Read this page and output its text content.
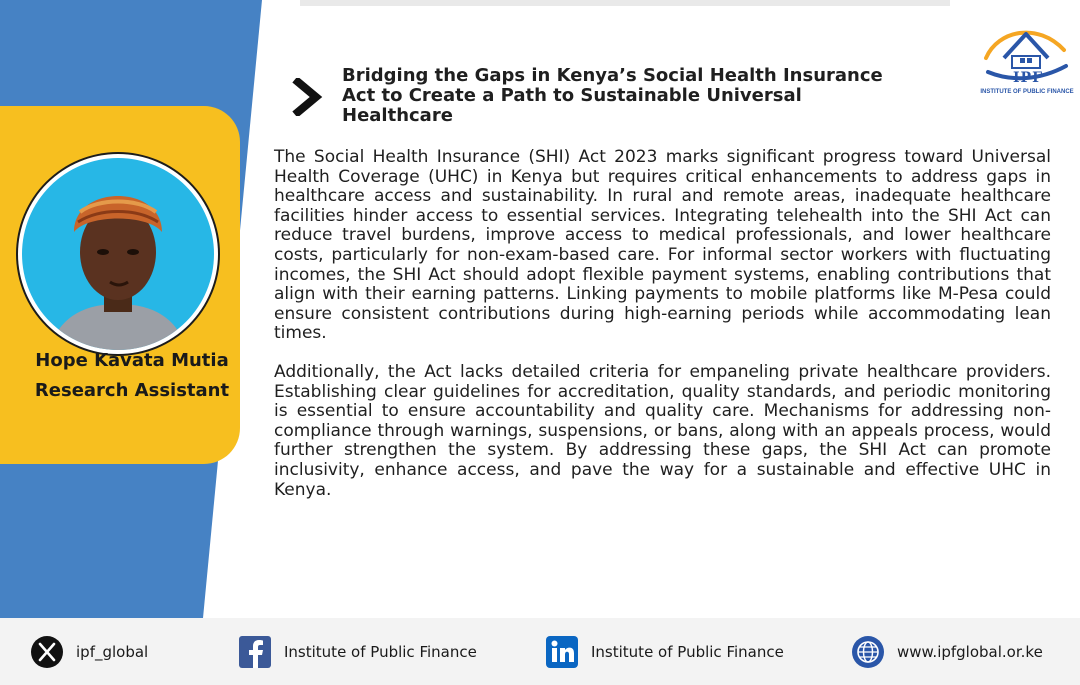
Hope Kavata Mutia
Research Assistant
IPF
INSTITUTE OF PUBLIC FINANCE
Bridging the Gaps in Kenya’s Social Health Insurance
Act to Create a Path to Sustainable Universal
Healthcare

The Social Health Insurance (SHI) Act 2023 marks significant progress toward Universal Health Coverage (UHC) in Kenya but requires critical enhancements to address gaps in healthcare access and sustainability. In rural and remote areas, inadequate healthcare facilities hinder access to essential services. Integrating telehealth into the SHI Act can reduce travel burdens, improve access to medical professionals, and lower healthcare costs, particularly for non-exam-based care. For informal sector workers with fluctuating incomes, the SHI Act should adopt flexible payment systems, enabling contributions that align with their earning patterns. Linking payments to mobile platforms like M-Pesa could ensure consistent contributions during high-earning periods while accommodating lean times.

Additionally, the Act lacks detailed criteria for empaneling private healthcare providers. Establishing clear guidelines for accreditation, quality standards, and periodic monitoring is essential to ensure accountability and quality care. Mechanisms for addressing non-compliance through warnings, suspensions, or bans, along with an appeals process, would further strengthen the system. By addressing these gaps, the SHI Act can promote inclusivity, enhance access, and pave the way for a sustainable and effective UHC in Kenya.

ipf_global	Institute of Public Finance	Institute of Public Finance	www.ipfglobal.or.ke
